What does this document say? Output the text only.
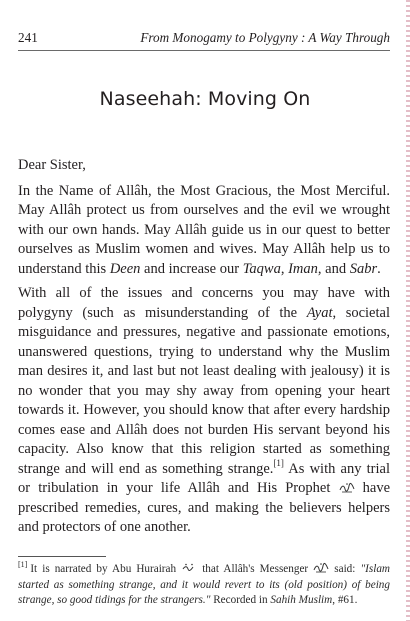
241	From Monogamy to Polygyny : A Way Through
Naseehah: Moving On

Dear Sister,

In the Name of Allâh, the Most Gracious, the Most Merciful. May Allâh protect us from ourselves and the evil we wrought with our own hands. May Allâh guide us in our quest to better ourselves as Muslim women and wives. May Allâh help us to understand this Deen and increase our Taqwa, Iman, and Sabr.

With all of the issues and concerns you may have with polygyny (such as misunderstanding of the Ayat, societal misguidance and pressures, negative and passionate emotions, unanswered questions, trying to understand why the Muslim man desires it, and last but not least dealing with jealousy) it is no wonder that you may shy away from opening your heart towards it. However, you should know that after every hardship comes ease and Allâh does not burden His servant beyond his capacity. Also know that this religion started as something strange and will end as something strange.[1] As with any trial or tribulation in your life Allâh and His Prophet  have prescribed remedies, cures, and making the believers helpers and protectors of one another.

[1] It is narrated by Abu Hurairah  that Allâh's Messenger  said: "Islam started as something strange, and it would revert to its (old position) of being strange, so good tidings for the strangers." Recorded in Sahih Muslim, #61.
